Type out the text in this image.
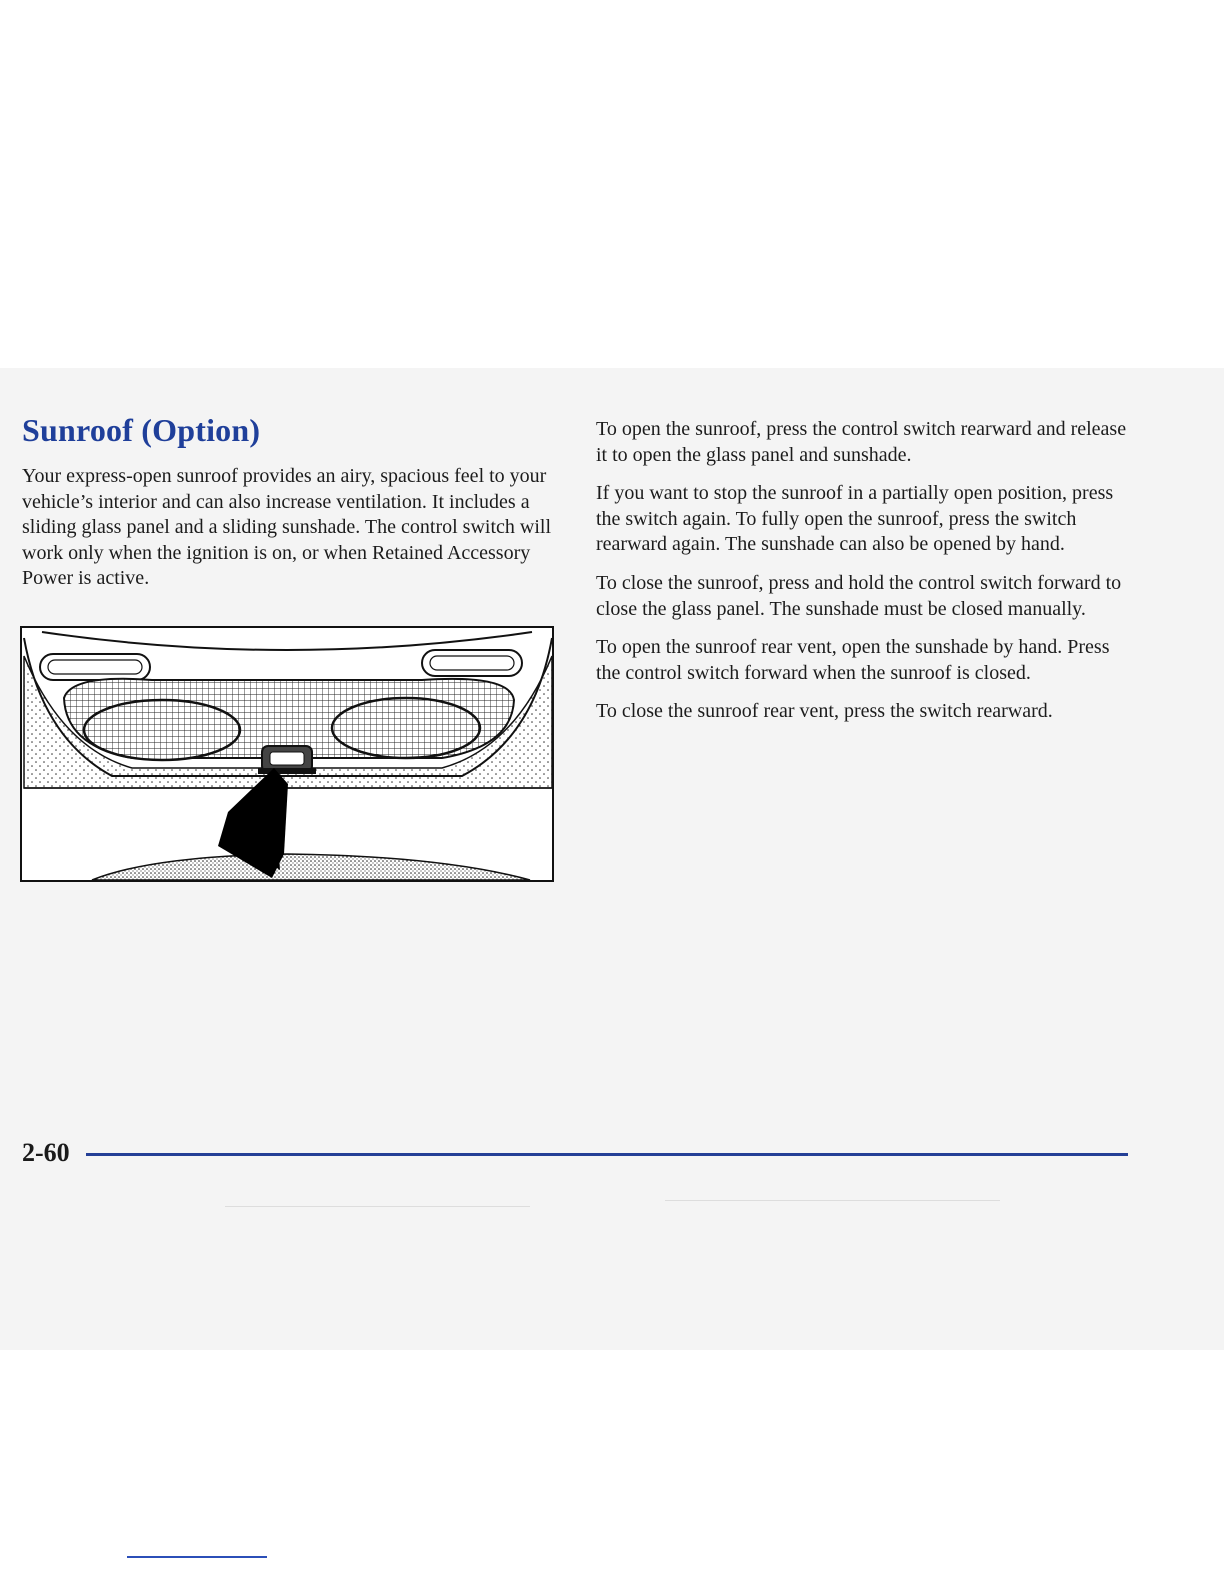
Sunroof (Option)

Your express-open sunroof provides an airy, spacious feel to your vehicle’s interior and can also increase ventilation. It includes a sliding glass panel and a sliding sunshade. The control switch will work only when the ignition is on, or when Retained Accessory Power is active.

To open the sunroof, press the control switch rearward and release it to open the glass panel and sunshade.

If you want to stop the sunroof in a partially open position, press the switch again. To fully open the sunroof, press the switch rearward again. The sunshade can also be opened by hand.

To close the sunroof, press and hold the control switch forward to close the glass panel. The sunshade must be closed manually.

To open the sunroof rear vent, open the sunshade by hand. Press the control switch forward when the sunroof is closed.

To close the sunroof rear vent, press the switch rearward.

2-60
